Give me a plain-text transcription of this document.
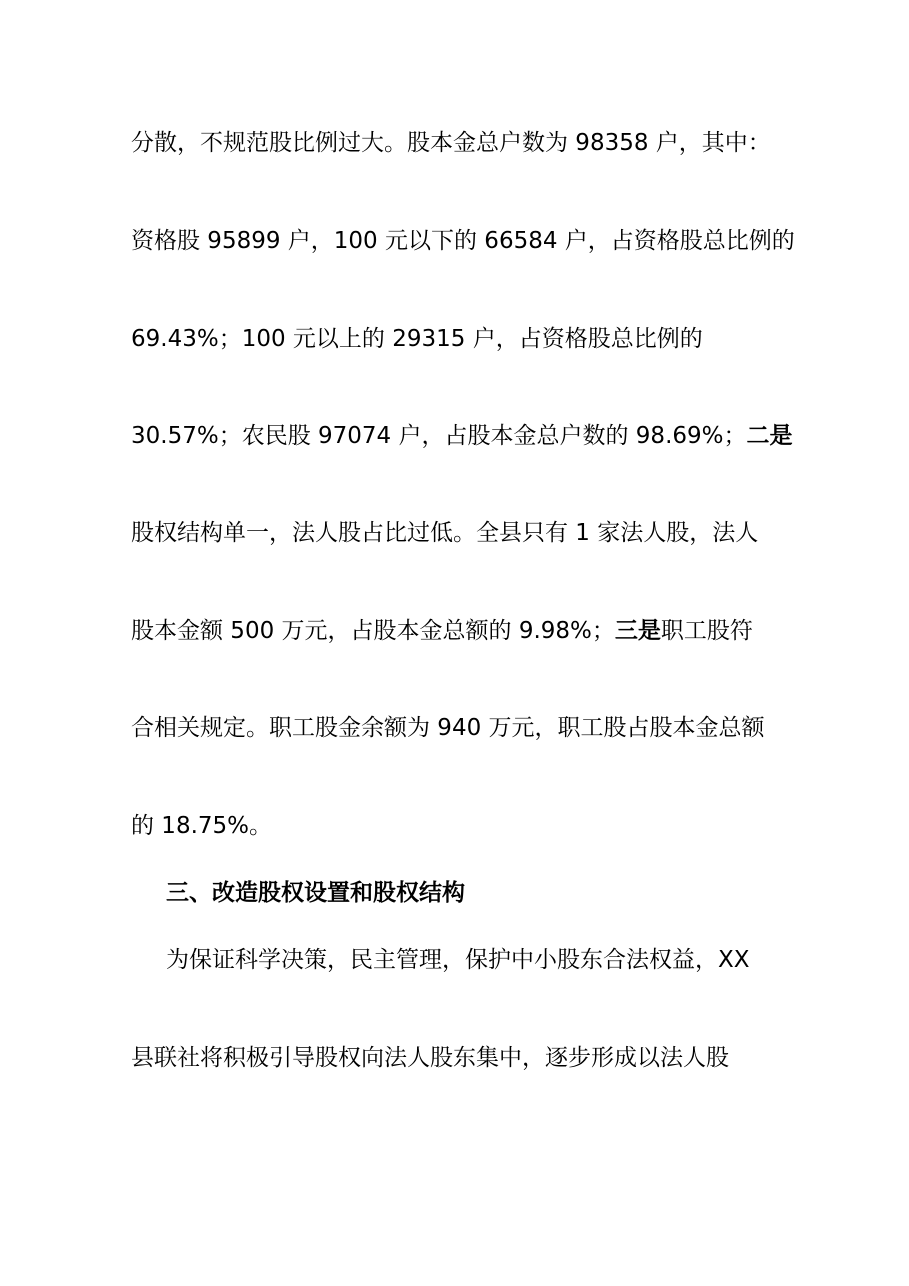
分散，不规范股比例过大。股本金总户数为 98358 户，其中：
资格股 95899 户，100 元以下的 66584 户，占资格股总比例的
69.43%；100 元以上的 29315 户，占资格股总比例的
30.57%；农民股 97074 户，占股本金总户数的 98.69%；二是
股权结构单一，法人股占比过低。全县只有 1 家法人股，法人
股本金额 500 万元，占股本金总额的 9.98%；三是职工股符
合相关规定。职工股金余额为 940 万元，职工股占股本金总额
的 18.75%。
三、改造股权设置和股权结构
为保证科学决策，民主管理，保护中小股东合法权益，XX
县联社将积极引导股权向法人股东集中，逐步形成以法人股
